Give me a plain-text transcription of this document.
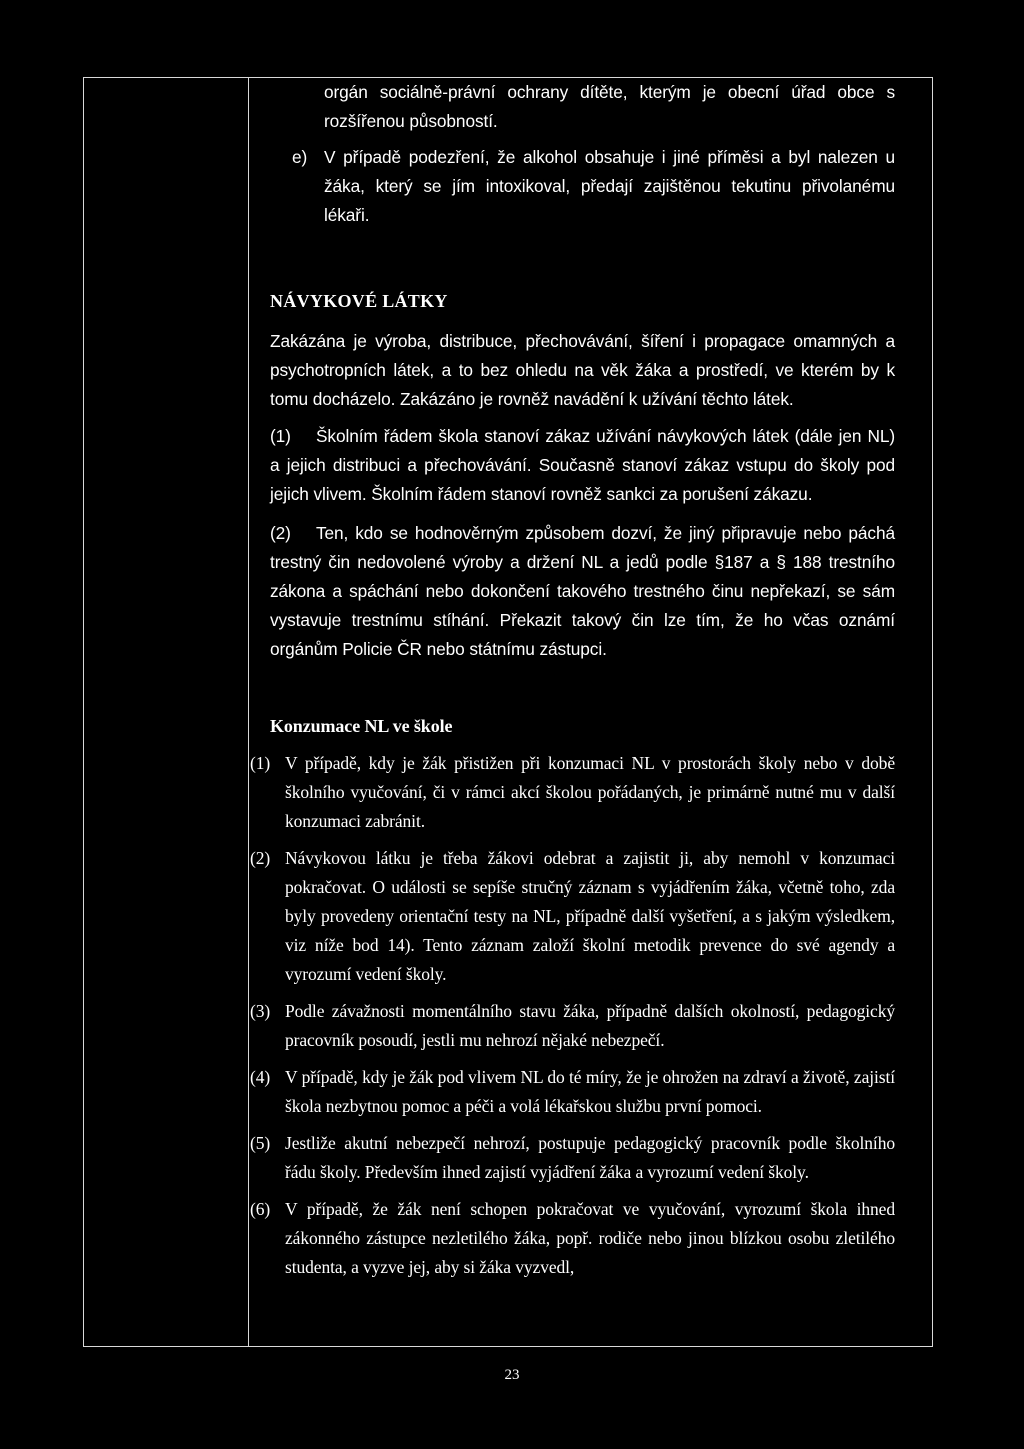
orgán sociálně-právní ochrany dítěte, kterým je obecní úřad obce s rozšířenou působností.

e) V případě podezření, že alkohol obsahuje i jiné příměsi a byl nalezen u žáka, který se jím intoxikoval, předají zajištěnou tekutinu přivolanému lékaři.

NÁVYKOVÉ LÁTKY

Zakázána je výroba, distribuce, přechovávání, šíření i propagace omamných a psychotropních látek, a to bez ohledu na věk žáka a prostředí, ve kterém by k tomu docházelo. Zakázáno je rovněž navádění k užívání těchto látek.

(1) Školním řádem škola stanoví zákaz užívání návykových látek (dále jen NL) a jejich distribuci a přechovávání. Současně stanoví zákaz vstupu do školy pod jejich vlivem. Školním řádem stanoví rovněž sankci za porušení zákazu.

(2) Ten, kdo se hodnověrným způsobem dozví, že jiný připravuje nebo páchá trestný čin nedovolené výroby a držení NL a jedů podle §187 a § 188 trestního zákona a spáchání nebo dokončení takového trestného činu nepřekazí, se sám vystavuje trestnímu stíhání. Překazit takový čin lze tím, že ho včas oznámí orgánům Policie ČR nebo státnímu zástupci.

Konzumace NL ve škole
(1) V případě, kdy je žák přistižen při konzumaci NL v prostorách školy nebo v době školního vyučování, či v rámci akcí školou pořádaných, je primárně nutné mu v další konzumaci zabránit.

(2) Návykovou látku je třeba žákovi odebrat a zajistit ji, aby nemohl v konzumaci pokračovat. O události se sepíše stručný záznam s vyjádřením žáka, včetně toho, zda byly provedeny orientační testy na NL, případně další vyšetření, a s jakým výsledkem, viz níže bod 14). Tento záznam založí školní metodik prevence do své agendy a vyrozumí vedení školy.

(3) Podle závažnosti momentálního stavu žáka, případně dalších okolností, pedagogický pracovník posoudí, jestli mu nehrozí nějaké nebezpečí.

(4) V případě, kdy je žák pod vlivem NL do té míry, že je ohrožen na zdraví a životě, zajistí škola nezbytnou pomoc a péči a volá lékařskou službu první pomoci.

(5) Jestliže akutní nebezpečí nehrozí, postupuje pedagogický pracovník podle školního řádu školy. Především ihned zajistí vyjádření žáka a vyrozumí vedení školy.

(6) V případě, že žák není schopen pokračovat ve vyučování, vyrozumí škola ihned zákonného zástupce nezletilého žáka, popř. rodiče nebo jinou blízkou osobu zletilého studenta, a vyzve jej, aby si žáka vyzvedl,

23
